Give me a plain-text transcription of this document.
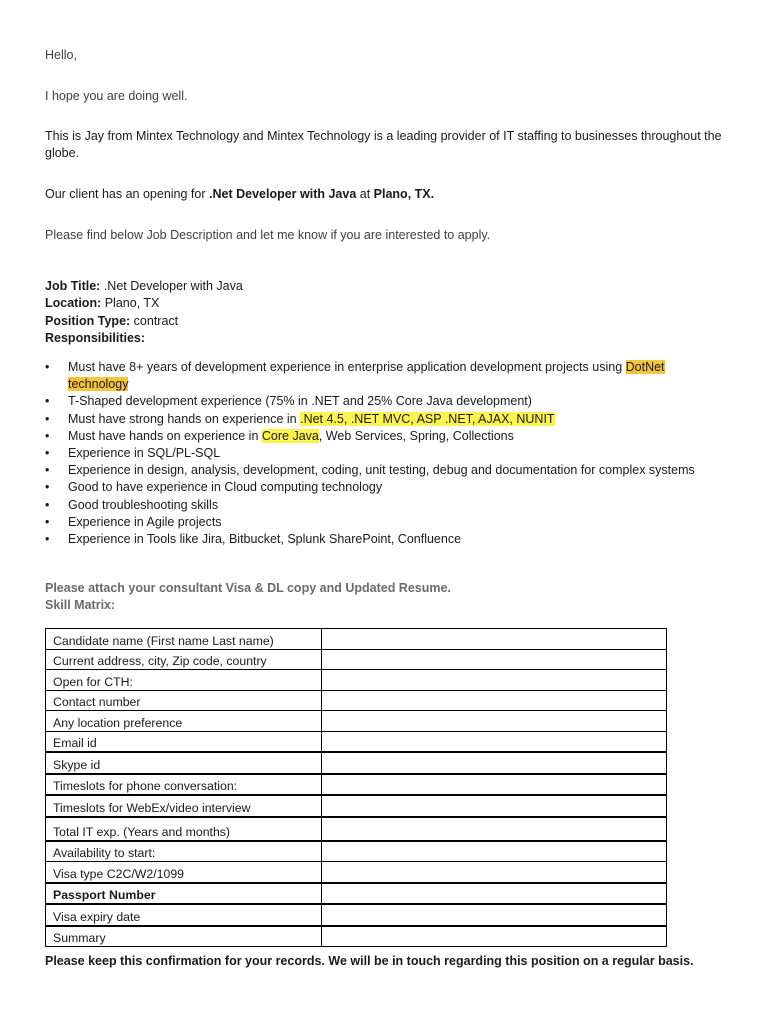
Hello,
I hope you are doing well.
This is Jay from Mintex Technology and Mintex Technology is a leading provider of IT staffing to businesses throughout the globe.
Our client has an opening for .Net Developer with Java at Plano, TX.
Please find below Job Description and let me know if you are interested to apply.
Job Title: .Net Developer with Java
Location: Plano, TX
Position Type: contract
Responsibilities:
• Must have 8+ years of development experience in enterprise application development projects using DotNet technology
• T-Shaped development experience (75% in .NET and 25% Core Java development)
• Must have strong hands on experience in .Net 4.5, .NET MVC, ASP .NET, AJAX, NUNIT
• Must have hands on experience in Core Java, Web Services, Spring, Collections
• Experience in SQL/PL-SQL
• Experience in design, analysis, development, coding, unit testing, debug and documentation for complex systems
• Good to have experience in Cloud computing technology
• Good troubleshooting skills
• Experience in Agile projects
• Experience in Tools like Jira, Bitbucket, Splunk SharePoint, Confluence
Please attach your consultant Visa & DL copy and Updated Resume.
Skill Matrix:
Candidate name (First name Last name)	
Current address, city, Zip code, country	
Open for CTH:	
Contact number	
Any location preference	
Email id	
Skype id	
Timeslots for phone conversation:	
Timeslots for WebEx/video interview	
Total IT exp. (Years and months)	
Availability to start:	
Visa type C2C/W2/1099	
Passport Number	
Visa expiry date	
Summary	
Please keep this confirmation for your records. We will be in touch regarding this position on a regular basis.
